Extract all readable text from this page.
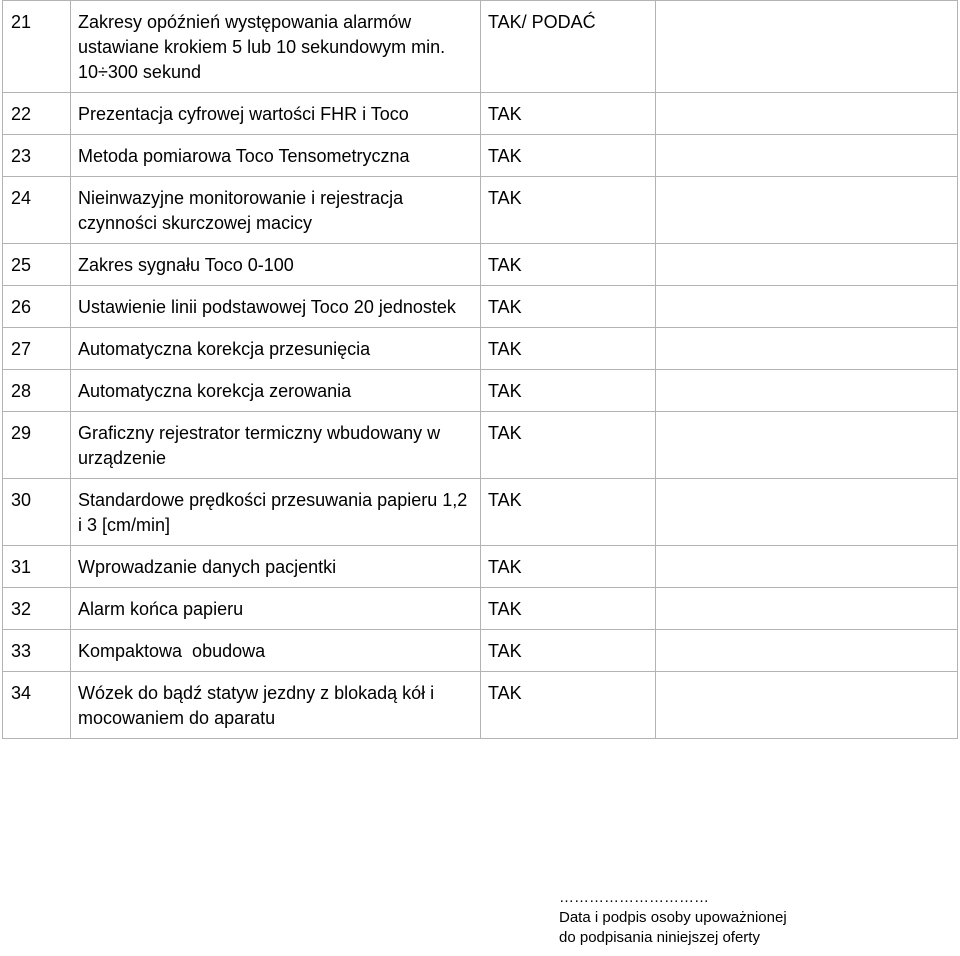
21	Zakresy opóźnień występowania alarmów ustawiane krokiem 5 lub 10 sekundowym min. 10÷300 sekund	TAK/ PODAĆ	
22	Prezentacja cyfrowej wartości FHR i Toco	TAK	
23	Metoda pomiarowa Toco Tensometryczna	TAK	
24	Nieinwazyjne monitorowanie i rejestracja czynności skurczowej macicy	TAK	
25	Zakres sygnału Toco 0-100	TAK	
26	Ustawienie linii podstawowej Toco 20 jednostek	TAK	
27	Automatyczna korekcja przesunięcia	TAK	
28	Automatyczna korekcja zerowania	TAK	
29	Graficzny rejestrator termiczny wbudowany w urządzenie	TAK	
30	Standardowe prędkości przesuwania papieru 1,2 i 3 [cm/min]	TAK	
31	Wprowadzanie danych pacjentki	TAK	
32	Alarm końca papieru	TAK	
33	Kompaktowa  obudowa	TAK	
34	Wózek do bądź statyw jezdny z blokadą kół i mocowaniem do aparatu	TAK	
…………………………
Data i podpis osoby upoważnionej
do podpisania niniejszej oferty
